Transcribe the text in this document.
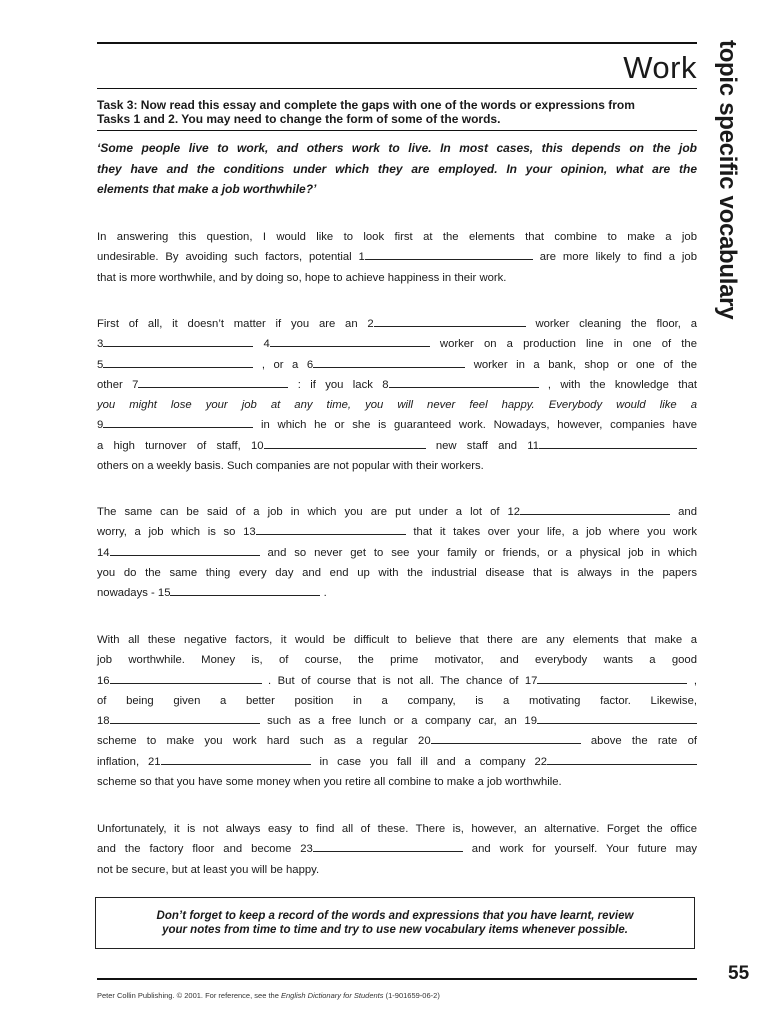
Work topic specific vocabulary
Task 3: Now read this essay and complete the gaps with one of the words or expressions from
Tasks 1 and 2. You may need to change the form of some of the words.
‘Some people live to work, and others work to live. In most cases, this depends on the job
they have and the conditions under which they are employed. In your opinion, what are the
elements that make a job worthwhile?’
In answering this question, I would like to look first at the elements that combine to make a job
undesirable. By avoiding such factors, potential 1	are more likely to find a job
that is more worthwhile, and by doing so, hope to achieve happiness in their work.
First of all, it doesn’t matter if you are an 2	worker cleaning the floor, a
3	4	worker on a production line in one of the
5	, or a 6	worker in a bank, shop or one of the
other 7	: if you lack 8	, with the knowledge that
you might lose your job at any time, you will never feel happy. Everybody would like a
9	in which he or she is guaranteed work. Nowadays, however, companies have
a high turnover of staff, 10	new staff and 11
others on a weekly basis. Such companies are not popular with their workers.
The same can be said of a job in which you are put under a lot of 12	and
worry, a job which is so 13	that it takes over your life, a job where you work
14	and so never get to see your family or friends, or a physical job in which
you do the same thing every day and end up with the industrial disease that is always in the papers
nowadays - 15	.
With all these negative factors, it would be difficult to believe that there are any elements that make a
job worthwhile. Money is, of course, the prime motivator, and everybody wants a good
16	. But of course that is not all. The chance of 17	,
of being given a better position in a company, is a motivating factor. Likewise,
18	such as a free lunch or a company car, an 19
scheme to make you work hard such as a regular 20	above the rate of
inflation, 21	in case you fall ill and a company 22
scheme so that you have some money when you retire all combine to make a job worthwhile.
Unfortunately, it is not always easy to find all of these. There is, however, an alternative. Forget the office
and the factory floor and become 23	and work for yourself. Your future may
not be secure, but at least you will be happy.
Don’t forget to keep a record of the words and expressions that you have learnt, review
your notes from time to time and try to use new vocabulary items whenever possible.
55
Peter Collin Publishing. © 2001. For reference, see the English Dictionary for Students (1-901659-06-2)
